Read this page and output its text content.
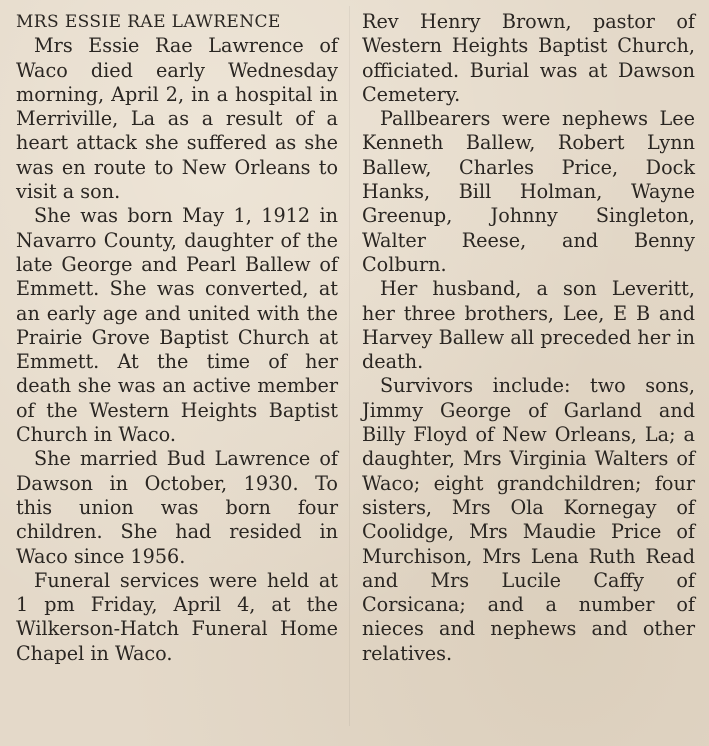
MRS ESSIE RAE LAWRENCE

Mrs Essie Rae Lawrence of Waco died early Wednesday morning, April 2, in a hospital in Merriville, La as a result of a heart attack she suffered as she was en route to New Orleans to visit a son.

She was born May 1, 1912 in Navarro County, daughter of the late George and Pearl Ballew of Emmett. She was converted, at an early age and united with the Prairie Grove Baptist Church at Emmett. At the time of her death she was an active member of the Western Heights Baptist Church in Waco.

She married Bud Lawrence of Dawson in October, 1930. To this union was born four children. She had resided in Waco since 1956.

Funeral services were held at 1 pm Friday, April 4, at the Wilkerson-Hatch Funeral Home Chapel in Waco.

Rev Henry Brown, pastor of Western Heights Baptist Church, officiated. Burial was at Dawson Cemetery.

Pallbearers were nephews Lee Kenneth Ballew, Robert Lynn Ballew, Charles Price, Dock Hanks, Bill Holman, Wayne Greenup, Johnny Singleton, Walter Reese, and Benny Colburn.

Her husband, a son Leveritt, her three brothers, Lee, E B and Harvey Ballew all preceded her in death.

Survivors include: two sons, Jimmy George of Garland and Billy Floyd of New Orleans, La; a daughter, Mrs Virginia Walters of Waco; eight grandchildren; four sisters, Mrs Ola Kornegay of Coolidge, Mrs Maudie Price of Murchison, Mrs Lena Ruth Read and Mrs Lucile Caffy of Corsicana; and a number of nieces and nephews and other relatives.
